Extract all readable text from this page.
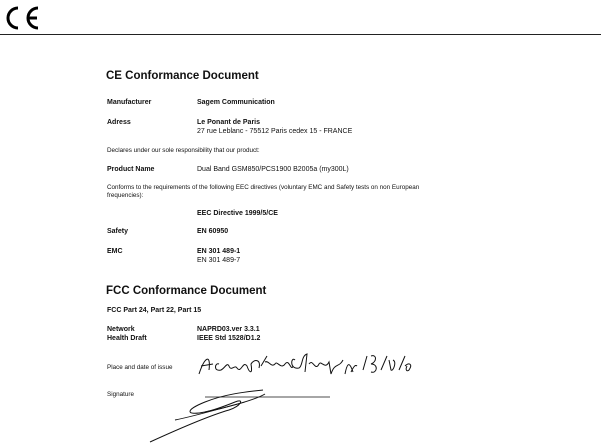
CE Conformance Document
Manufacturer	Sagem Communication
Adress	Le Ponant de Paris
27 rue Leblanc - 75512 Paris cedex 15 - FRANCE
Declares under our sole responsibility that our product:
Product Name	Dual Band GSM850/PCS1900 B2005a (my300L)
Conforms to the requirements of the following EEC directives (voluntary EMC and Safety tests on non European
frequencies):
EEC Directive 1999/5/CE
Safety	EN 60950
EMC	EN 301 489-1
EN 301 489-7
FCC Conformance Document
FCC Part 24, Part 22, Part 15
Network	NAPRD03.ver 3.3.1
Health Draft	IEEE Std 1528/D1.2
Place and date of issue
Signature
